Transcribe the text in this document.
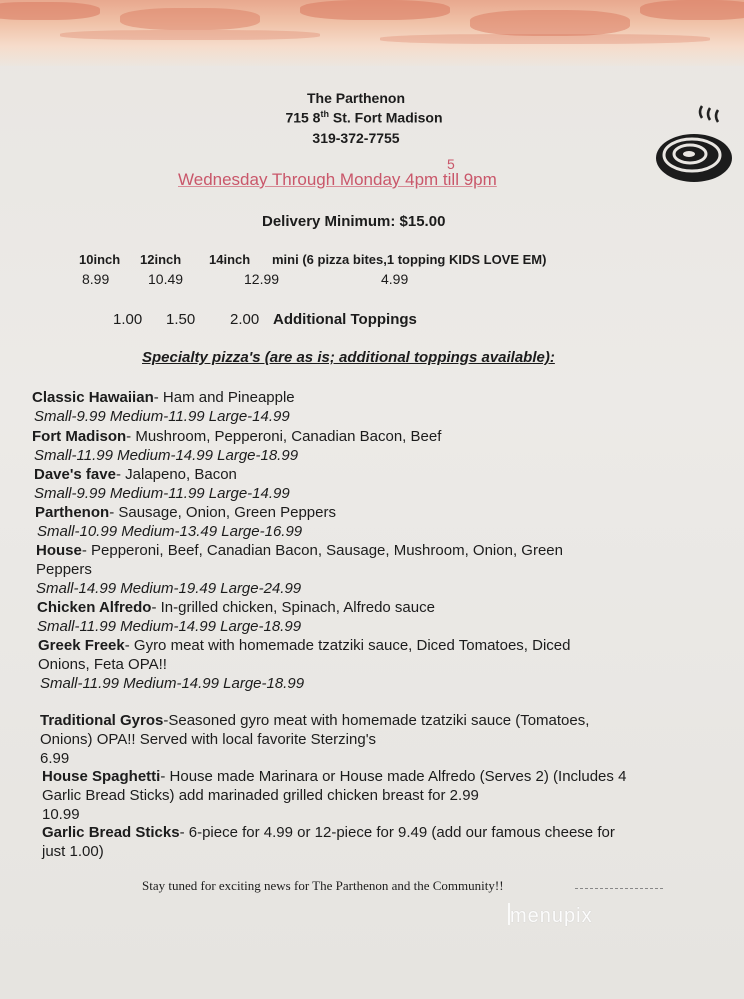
The Parthenon
715 8th St. Fort Madison
319-372-7755
Wednesday Through Monday 4pm till 9pm
5
Delivery Minimum: $15.00
10inch 12inch 14inch mini (6 pizza bites,1 topping KIDS LOVE EM)
8.99	10.49	12.99	4.99
1.00 1.50 2.00 Additional Toppings
Specialty pizza's (are as is; additional toppings available):
Classic Hawaiian- Ham and Pineapple
Small-9.99 Medium-11.99 Large-14.99
Fort Madison- Mushroom, Pepperoni, Canadian Bacon, Beef
Small-11.99 Medium-14.99 Large-18.99
Dave's fave- Jalapeno, Bacon
Small-9.99 Medium-11.99 Large-14.99
Parthenon- Sausage, Onion, Green Peppers
Small-10.99 Medium-13.49 Large-16.99
House- Pepperoni, Beef, Canadian Bacon, Sausage, Mushroom, Onion, Green
Peppers
Small-14.99 Medium-19.49 Large-24.99
Chicken Alfredo- In-grilled chicken, Spinach, Alfredo sauce
Small-11.99 Medium-14.99 Large-18.99
Greek Freek- Gyro meat with homemade tzatziki sauce, Diced Tomatoes, Diced
Onions, Feta OPA!!
Small-11.99 Medium-14.99 Large-18.99
Traditional Gyros-Seasoned gyro meat with homemade tzatziki sauce (Tomatoes,
Onions) OPA!! Served with local favorite Sterzing's
6.99
House Spaghetti- House made Marinara or House made Alfredo (Serves 2) (Includes 4
Garlic Bread Sticks) add marinaded grilled chicken breast for 2.99
10.99
Garlic Bread Sticks- 6-piece for 4.99 or 12-piece for 9.49 (add our famous cheese for
just 1.00)
Stay tuned for exciting news for The Parthenon and the Community!!
menupix
